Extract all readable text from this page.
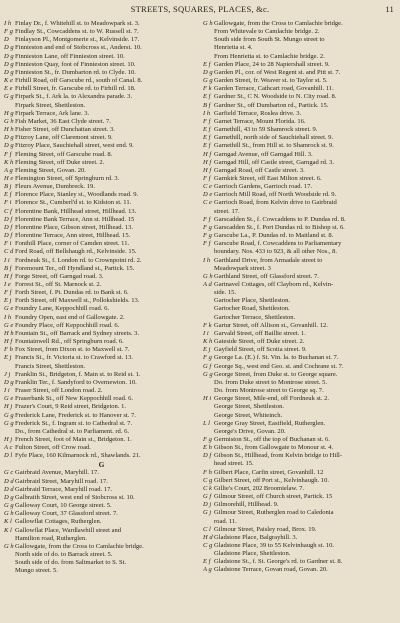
STREETS, SQUARES, PLACES, &c.	11
I h Finlay Dr., f. Whitehill st. to Meadowpark st. 3.
F g Findlay St., Cowcaddens st. to W. Russell st. 7.
D Finlayson Pl., Montgomerie st., Kelvinside. 17.
D g Finnieston and end of Stobcross st., Anderst. 10.
D g Finnieston Lane, off Finnieston street. 10.
D g Finnieston Quay, foot of Finnieston street. 10.
D g Finnieston St., fr. Dumbarton rd. to Clyde. 10.
K e Firhill Road, off Garscube rd., south of Canal. 8.
E e Firhill Street, fr. Garscube rd. to Firhill rd. 18.
G g Firpark St., f. Ark la. to Alexandra parade. 3.
Firpark Street, Shettleston.
H g Firpark Terrace, Ark lane. 3.
G h Fish Market, 36 East Clyde street. 7.
H h Fisher Street, off Dunchattan street. 3.
D g Fitzroy Lane, off Claremont street. 9.
D g Fitzroy Place, Sauchiehall street, west end. 9.
F f Fleming Street, off Garscube road. 8.
K h Fleming Street, off Duke street. 2.
A g Fleming Street, Govan. 20.
H e Flemington Street, off Springburn rd. 3.
B j Fleurs Avenue, Dumbreck. 19.
E f Florence Place, Stanley st., Woodlands road. 9.
F i Florence St., Cumberl'd st. to Kidston st. 11.
C f Florentine Bank, Hillhead street, Hillhead. 13.
D f Florentine Bank Terrace, Ann st. Hillhead. 15
D f Florentine Place, Gibson street, Hillhead. 13.
D f Florentine Terrace, Ann street, Hillhead. 15.
F i Fonthill Place, corner of Camden street. 11.
C d Ford Road, off Bellshaugh rd., Kelvinside. 15.
I i Fordneuk St., f. London rd. to Crownpoint rd. 2.
B f Foremount Ter., off Hyndland st., Partick. 15.
H f Forge Street, off Garngad road. 3.
I e Forrest St., off St. Marnock st. 2.
F f Forth Street, f. Pt. Dundas rd. to Bank st. 6.
E j Forth Street, off Maxwell st., Pollokshields. 13.
G e Foundry Lane, Keppochhill road. 6.
I h Foundry Open, east end of Gallowgate. 2.
G e Foundry Place, off Keppochhill road. 6.
H h Fountain St., off Barrack and Sydney streets. 3.
H f Fountainwell Rd., off Springburn road. 6.
F h Fox Street, from Dixon st. to Maxwell st. 7.
E j Francis St., fr. Victoria st. to Crawford st. 13.
Francis Street, Shettleston.
J j Franklin St., Bridgeton, f. Main st. to Reid st. 1.
D g Franklin Ter., f. Sandyford to Overnewton. 10.
I i Fraser Street, off London road. 2.
G e Fraserbank St., off New Keppochhill road. 6.
H j Frazer's Court, 9 Reid street, Bridgeton. 1.
G g Frederick Lane, Frederick st. to Hanover st. 7.
G g Frederick St., f. Ingram st. to Cathedral st. 7.
Do., from Cathedral st. to Parliament. rd. 6.
H j French Street, foot of Main st., Bridgeton. 1.
A c Fulton Street, off Crow road.
D l Fyfe Place, 160 Kilmarnock rd., Shawlands. 21.
G
G c Gairbraid Avenue, Maryhill. 17.
D d Gairbraid Street, Maryhill road. 17.
D d Gairbraid Terrace, Maryhill road. 17.
D g Galbraith Street, west end of Stobcross st. 10.
G g Galloway Court, 10 George street. 5.
G h Galloway Court, 37 Glassford street. 7.
K l Gallowflat Cottages, Rutherglen.
K l Gallowflat Place, Wardlawhill street and
Hamilton road, Rutherglen.
G h Gallowgate, from the Cross to Camlachie bridge.
North side of do. to Barrack street. 5.
South side of do. from Saltmarket to S. St.
Mungo street. 5.
G h Gallowgate, from the Cross to Camlachie bridge.
From Whitevale to Camlachie bridge. 2.
South side from South St. Mungo street to
Henrietta st. 4.
From Henrietta st. to Camlachie bridge. 2.
E f Garden Place, 24 to 28 Napiershall street. 9.
D g Garden Pl., cor. of West Regent st. and Pitt st. 7.
G g Garden Street, fr. Weaver st. to Taylor st. 5.
F k Garden Terrace, Cathcart road, Govanhill. 11.
E f Gardner St., C N. Woodside to N. City road. 8.
B f Gardner St., off Dumbarton rd., Partick. 15.
I h Garfield Terrace, Roslea drive. 3.
F f Garnet Terrace, Mount Florida. 16.
E f Garnethill, 43 to 59 Shamrock street. 9.
E f Garnethill, north side of Sauchiehall street. 9.
E f Garnethill St., from Hill st. to Shamrock st. 9.
H f Garngad Avenue, off Garngad Hill. 3.
H f Garngad Hill, off Castle street, Garngad rd. 3.
H f Garngad Road, off Castle street. 3.
F f Garnkirk Street, off East Milton street. 6.
C e Garrioch Gardens, Garrioch road. 17.
D e Garrioch Mill Road, off North Woodside rd. 9.
C e Garrioch Road, from Kelvin drive to Gairbraid
street. 17.
F f Garscadden St., f. Cowcaddens to P. Dundas rd. 8.
F g Garscadden St., f. Port Dundas rd. to Bishop st. 6.
F g Garscube La., P. Dundas rd. to Maitland st. 8.
F f Garscube Road, f. Cowcaddens to Parliamentary
boundary. Nos. 433 to 923, & all other Nos., 8.
I h Garthland Drive, from Armadale street to
Meadowpark street. 3
G h Garthland Street, off Glassford street. 7.
A d Gartnavel Cottages, off Clayborn rd., Kelvin-
side. 15.
Gartocher Place, Shettleston.
Gartocher Road, Shettleston.
Gartocher Terrace, Shettleston.
F k Gartur Street, off Allison st., Govanhill. 12.
I i Garvald Street, off Baillie street. 1.
K h Gateside Street, off Duke street. 2.
E j Gayfield Street, off Scotia street. 9.
F g George La. (E.) f. St. Vin. la. to Buchanan st. 7.
G f George Sq., west end Geo. st. and Cochrane st. 7.
G g George Street, from Duke st. to George square.
Do. from Duke street to Montrose street. 5.
Do. from Montrose street to George sq. 7.
H i George Street, Mile-end, off Fordneuk st. 2.
George Street, Shettleston.
George Street, Whiteinch.
L l George Gray Street, Eastfield, Rutherglen.
George's Drive, Govan. 20.
F g Germiston St., off the top of Buchanan st. 6.
E h Gibson St., from Gallowgate to Monour st. 4.
D f Gibson St., Hillhead, from Kelvin bridge to Hill-
head street. 15.
F h Gilbert Place, Carfin street, Govanhill. 12
C g Gilbert Street, off Port st., Kelvinhaugh. 10.
C k Gillie's Court, 202 Broomielaw. 7.
G f Gilmour Street, off Church street, Partick. 15
D j Gilmorehill, Hillhead. 9.
G j Gilmour Street, Rutherglen road to Caledonia
road. 11.
C l Gilmour Street, Paisley road, Brox. 19.
H d Gladstone Place, Balgrayhill. 3.
C g Gladstone Place, 39 to 55 Kelvinhaugh st. 10.
Gladstone Place, Shettleston.
E f Gladstone St., f. St. George's rd. to Gardner st. 8.
A g Gladstone Terrace, Govan road, Govan. 20.
